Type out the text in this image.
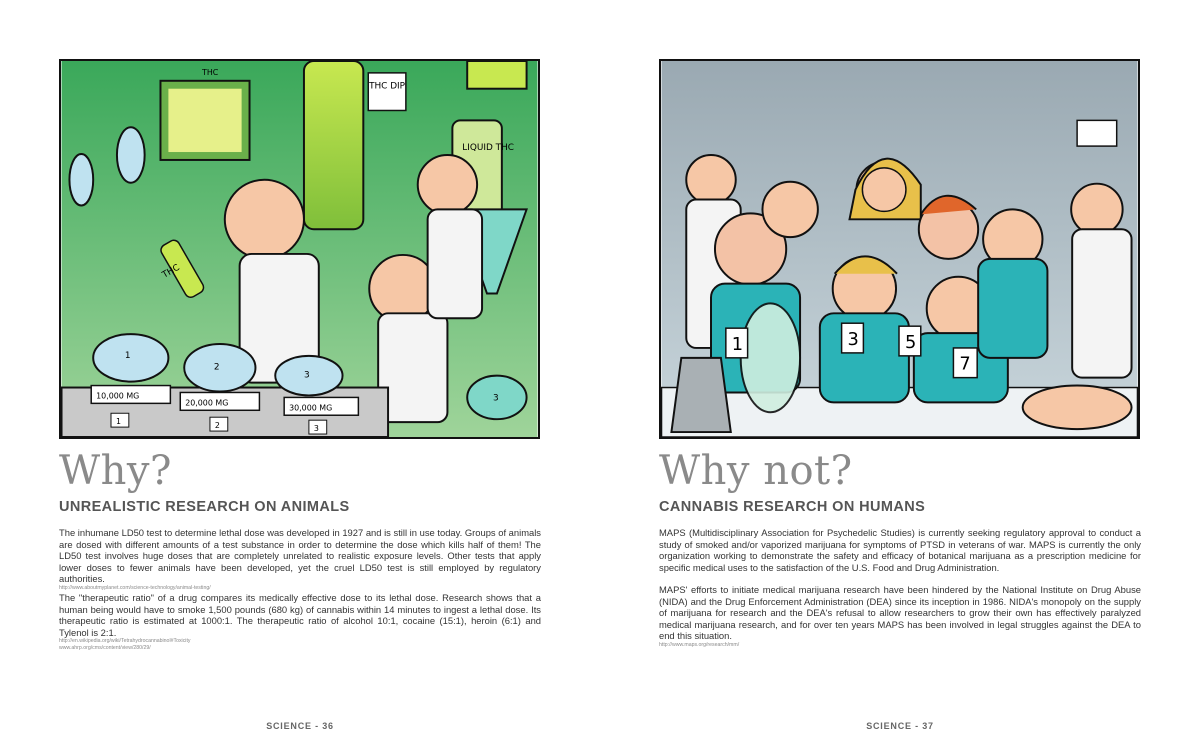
THC DIP
THC
LIQUID THC
THC
10,000 MG
20,000 MG
30,000 MG
1	2	3
1
2
3
3
Why?
UNREALISTIC RESEARCH ON ANIMALS

The inhumane LD50 test to determine lethal dose was developed in 1927 and is still in use today. Groups of animals are dosed with different amounts of a test substance in order to determine the dose which kills half of them! The LD50 test involves huge doses that are completely unrelated to realistic exposure levels. Other tests that apply lower doses to fewer animals have been developed, yet the cruel LD50 test is still employed by regulatory authorities.
http://www.aboutmyplanet.com/science-technology/animal-testing/

The "therapeutic ratio" of a drug compares its medically effective dose to its lethal dose. Research shows that a human being would have to smoke 1,500 pounds (680 kg) of cannabis within 14 minutes to ingest a lethal dose. Its therapeutic ratio is estimated at 1000:1. The therapeutic ratio of alcohol 10:1, cocaine (15:1), heroin (6:1) and Tylenol is 2:1.
http://en.wikipedia.org/wiki/Tetrahydrocannabinol#Toxicity
www.ahrp.org/cms/content/view/280/29/

SCIENCE - 36
1	3	5
7
Why not?
CANNABIS RESEARCH ON HUMANS

MAPS (Multidisciplinary Association for Psychedelic Studies) is currently seeking regulatory approval to conduct a study of smoked and/or vaporized marijuana for symptoms of PTSD in veterans of war. MAPS is currently the only organization working to demonstrate the safety and efficacy of botanical marijuana as a prescription medicine for specific medical uses to the satisfaction of the U.S. Food and Drug Administration.

MAPS' efforts to initiate medical marijuana research have been hindered by the National Institute on Drug Abuse (NIDA) and the Drug Enforcement Administration (DEA) since its inception in 1986. NIDA's monopoly on the supply of marijuana for research and the DEA's refusal to allow researchers to grow their own has effectively paralyzed medical marijuana research, and for over ten years MAPS has been involved in legal struggles against the DEA to end this situation.
http://www.maps.org/research/mm/

SCIENCE - 37
